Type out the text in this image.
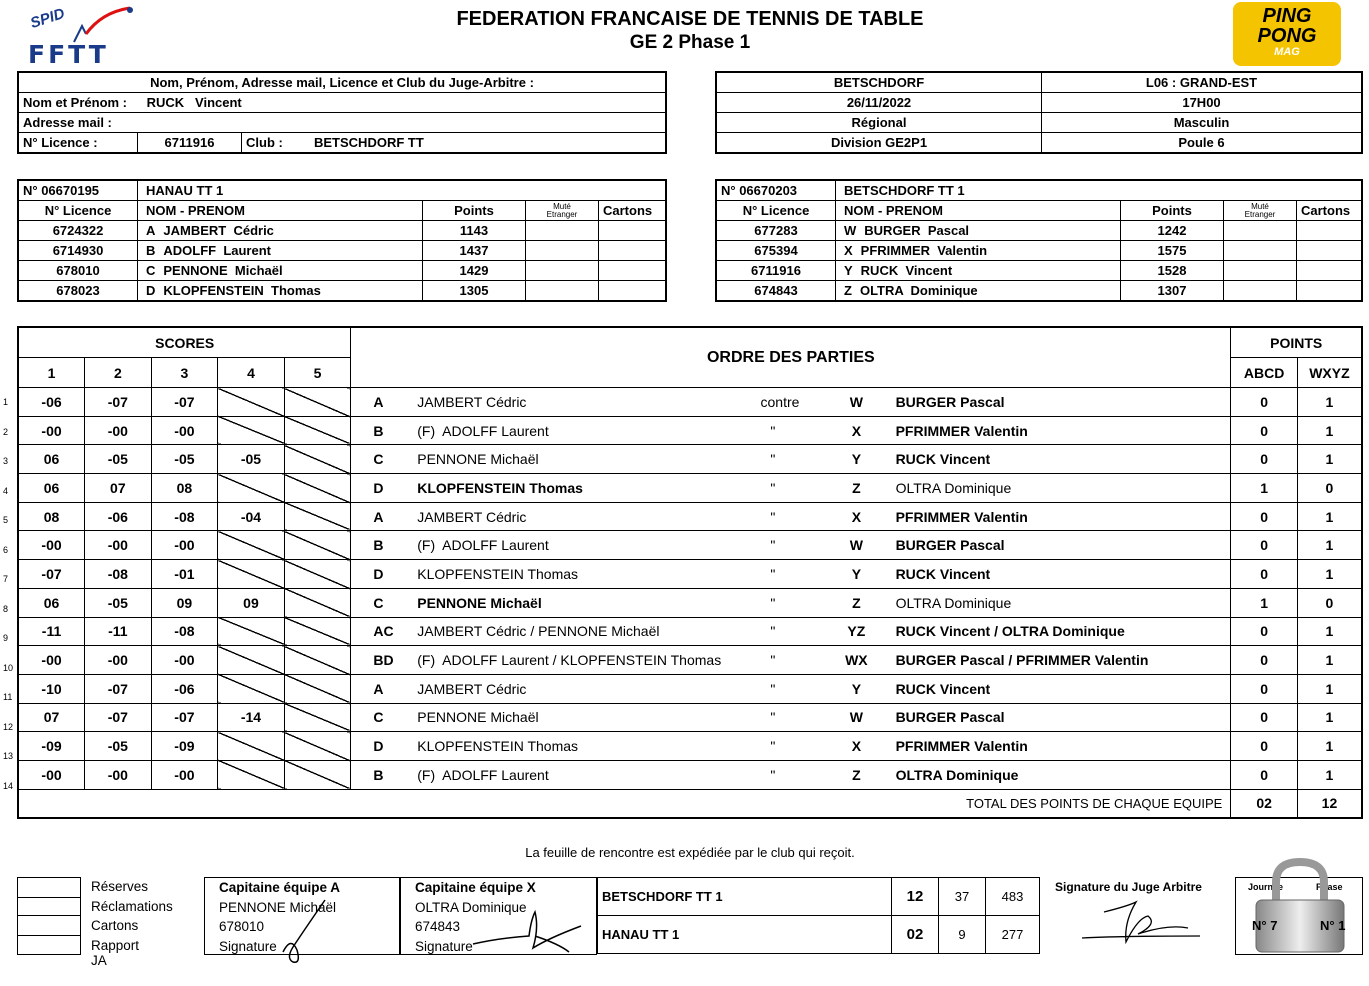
SPID
FFTT
FEDERATION FRANCAISE DE TENNIS DE TABLE
GE 2 Phase 1
PING
PONG
MAG
Nom, Prénom, Adresse mail, Licence et Club du Juge-Arbitre :
Nom et Prénom : RUCK   Vincent
Adresse mail :
N° Licence :	6711916	Club :	BETSCHDORF TT
BETSCHDORF	L06 : GRAND-EST
26/11/2022	17H00
Régional	Masculin
Division GE2P1	Poule 6
N° 06670195	HANAU TT 1			
N° Licence	NOM - PRENOM	Points	Muté
Etranger	Cartons
6724322	A JAMBERT  Cédric	1143		
6714930	B ADOLFF  Laurent	1437		
678010	C PENNONE  Michaël	1429		
678023	D KLOPFENSTEIN  Thomas	1305		
N° 06670203	BETSCHDORF TT 1			
N° Licence	NOM - PRENOM	Points	Muté
Etranger	Cartons
677283	W BURGER  Pascal	1242		
675394	X PFRIMMER  Valentin	1575		
6711916	Y RUCK  Vincent	1528		
674843	Z OLTRA  Dominique	1307		
SCORES					ORDRE DES PARTIES					POINTS	
1	2	3	4	5						ABCD	WXYZ
-06	-07	-07			A	JAMBERT Cédric	contre	W	BURGER Pascal	0	1
-00	-00	-00			B	(F)  ADOLFF Laurent	"	X	PFRIMMER Valentin	0	1
06	-05	-05	-05		C	PENNONE Michaël	"	Y	RUCK Vincent	0	1
06	07	08			D	KLOPFENSTEIN Thomas	"	Z	OLTRA Dominique	1	0
08	-06	-08	-04		A	JAMBERT Cédric	"	X	PFRIMMER Valentin	0	1
-00	-00	-00			B	(F)  ADOLFF Laurent	"	W	BURGER Pascal	0	1
-07	-08	-01			D	KLOPFENSTEIN Thomas	"	Y	RUCK Vincent	0	1
06	-05	09	09		C	PENNONE Michaël	"	Z	OLTRA Dominique	1	0
-11	-11	-08			AC	JAMBERT Cédric / PENNONE Michaël	"	YZ	RUCK Vincent / OLTRA Dominique	0	1
-00	-00	-00			BD	(F)  ADOLFF Laurent / KLOPFENSTEIN Thomas	"	WX	BURGER Pascal / PFRIMMER Valentin	0	1
-10	-07	-06			A	JAMBERT Cédric	"	Y	RUCK Vincent	0	1
07	-07	-07	-14		C	PENNONE Michaël	"	W	BURGER Pascal	0	1
-09	-05	-09			D	KLOPFENSTEIN Thomas	"	X	PFRIMMER Valentin	0	1
-00	-00	-00			B	(F)  ADOLFF Laurent	"	Z	OLTRA Dominique	0	1
TOTAL DES POINTS DE CHAQUE EQUIPE										02	12
1
2
3
4
5
6
7
8
9
10
11
12
13
14
La feuille de rencontre est expédiée par le club qui reçoit.
Réserves
Réclamations
Cartons
Rapport JA
Capitaine équipe A
PENNONE Michaël
678010
Signature
Capitaine équipe X
OLTRA Dominique
674843
Signature
BETSCHDORF TT 1	12	37	483
HANAU TT 1	02	9	277
Signature du Juge Arbitre	Journée	Phase
N° 7	N° 1
